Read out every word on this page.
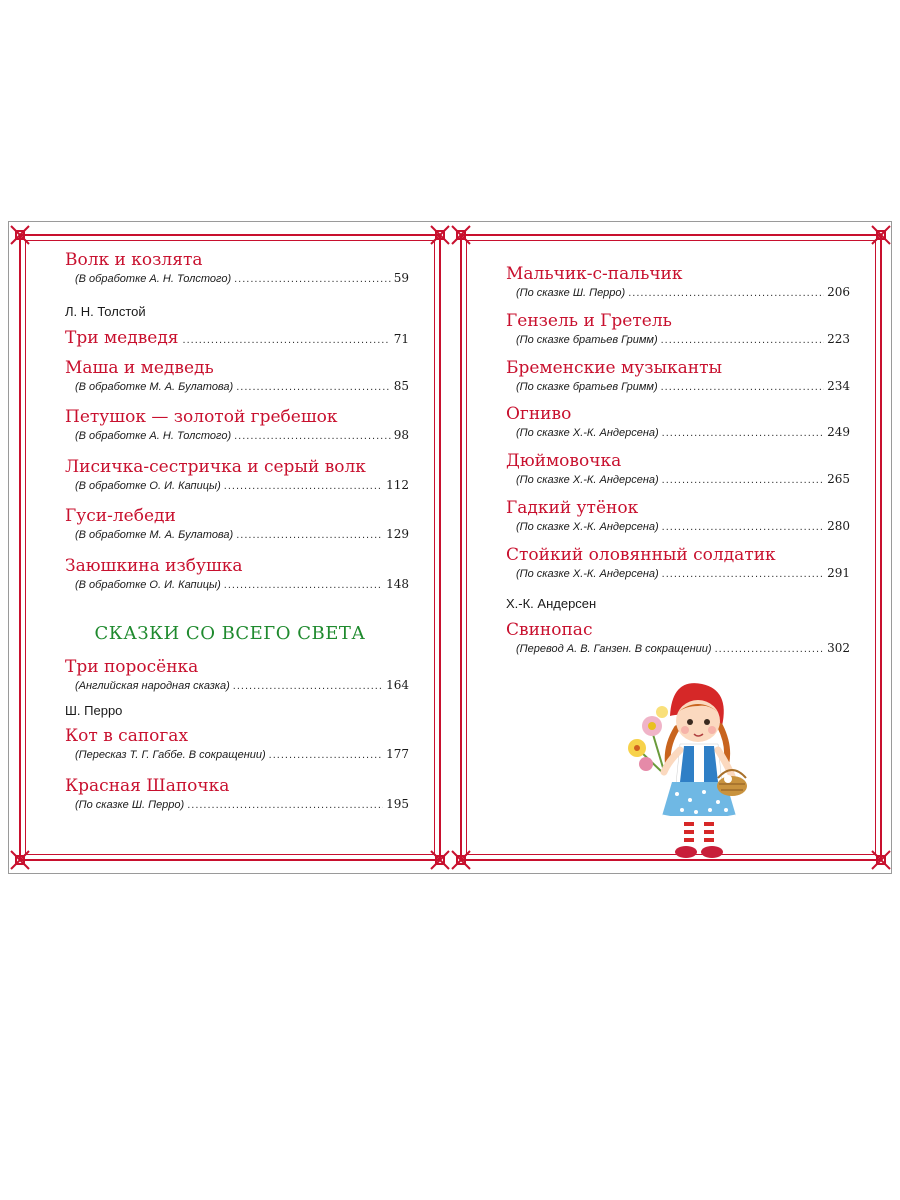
Волк и козлята
(В обработке А. Н. Толстого) .....	59
Л. Н. Толстой
Три медведя .....	71
Маша и медведь
(В обработке М. А. Булатова) .....	85
Петушок — золотой гребешок
(В обработке А. Н. Толстого) .....	98
Лисичка-сестричка и серый волк
(В обработке О. И. Капицы) .....	112
Гуси-лебеди
(В обработке М. А. Булатова) .....	129
Заюшкина избушка
(В обработке О. И. Капицы) .....	148
СКАЗКИ СО ВСЕГО СВЕТА
Три поросёнка
(Английская народная сказка) .....	164
Ш. Перро
Кот в сапогах
(Пересказ Т. Г. Габбе. В сокращении) .....	177
Красная Шапочка
(По сказке Ш. Перро) .....	195
Мальчик-с-пальчик
(По сказке Ш. Перро) .....	206
Гензель и Гретель
(По сказке братьев Гримм) .....	223
Бременские музыканты
(По сказке братьев Гримм) .....	234
Огниво
(По сказке Х.-К. Андерсена) .....	249
Дюймовочка
(По сказке Х.-К. Андерсена) .....	265
Гадкий утёнок
(По сказке Х.-К. Андерсена) .....	280
Стойкий оловянный солдатик
(По сказке Х.-К. Андерсена) .....	291
Х.-К. Андерсен
Свинопас
(Перевод А. В. Ганзен. В сокращении) .....	302
